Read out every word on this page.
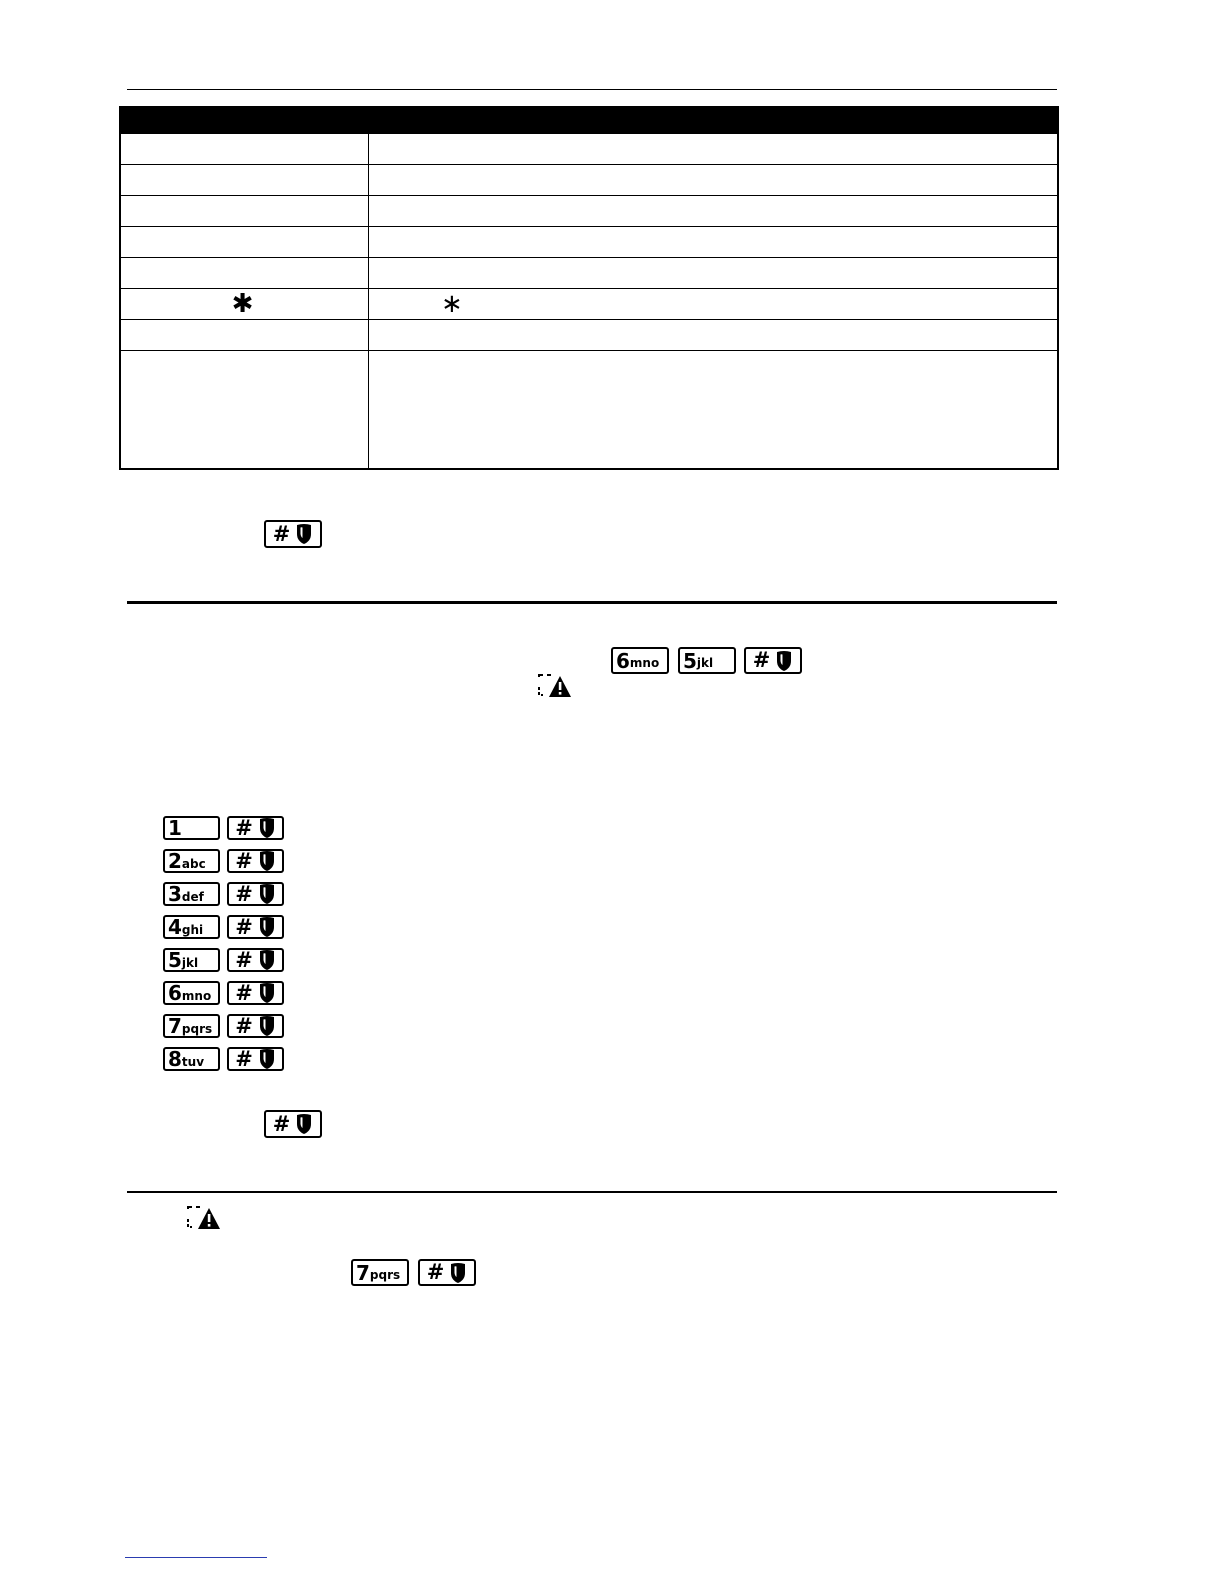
✱	∗
#
6 mno 5 jkl #
1	#
2 abc #
3 def #
4 ghi #
5 jkl #
6 mno #
7 pqrs #
8 tuv #
#
7 pqrs #
